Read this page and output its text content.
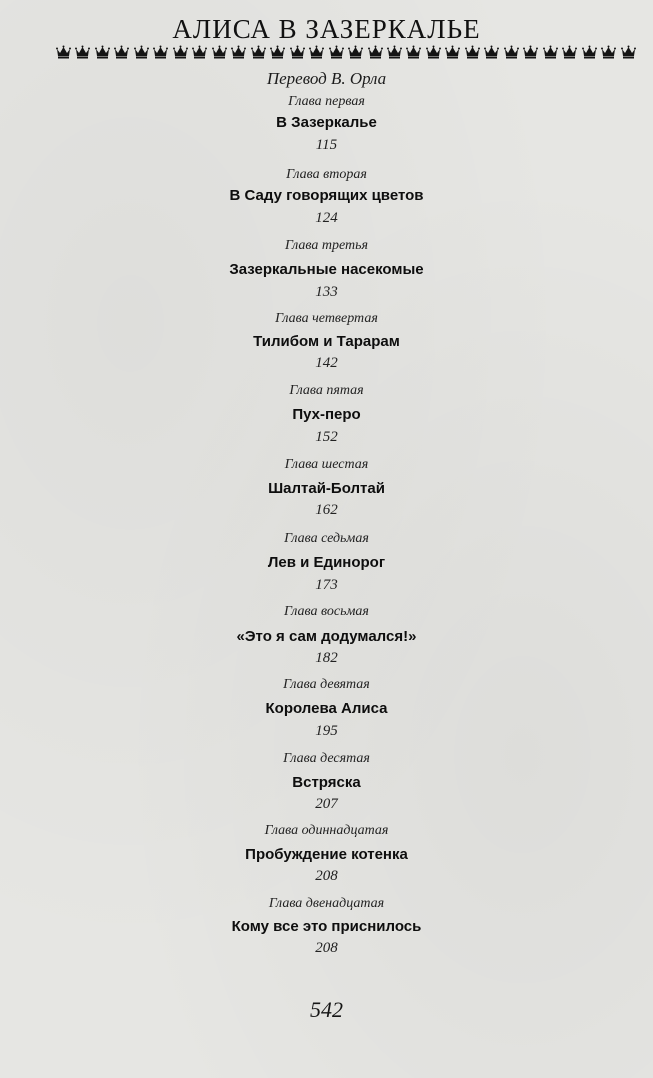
АЛИСА В ЗАЗЕРКАЛЬЕ
Перевод В. Орла
Глава первая
В Зазеркалье
115
Глава вторая
В Саду говорящих цветов
124
Глава третья
Зазеркальные насекомые
133
Глава четвертая
Тилибом и Тарарам
142
Глава пятая
Пух-перо
152
Глава шестая
Шалтай-Болтай
162
Глава седьмая
Лев и Единорог
173
Глава восьмая
«Это я сам додумался!»
182
Глава девятая
Королева Алиса
195
Глава десятая
Встряска
207
Глава одиннадцатая
Пробуждение котенка
208
Глава двенадцатая
Кому все это приснилось
208
542
